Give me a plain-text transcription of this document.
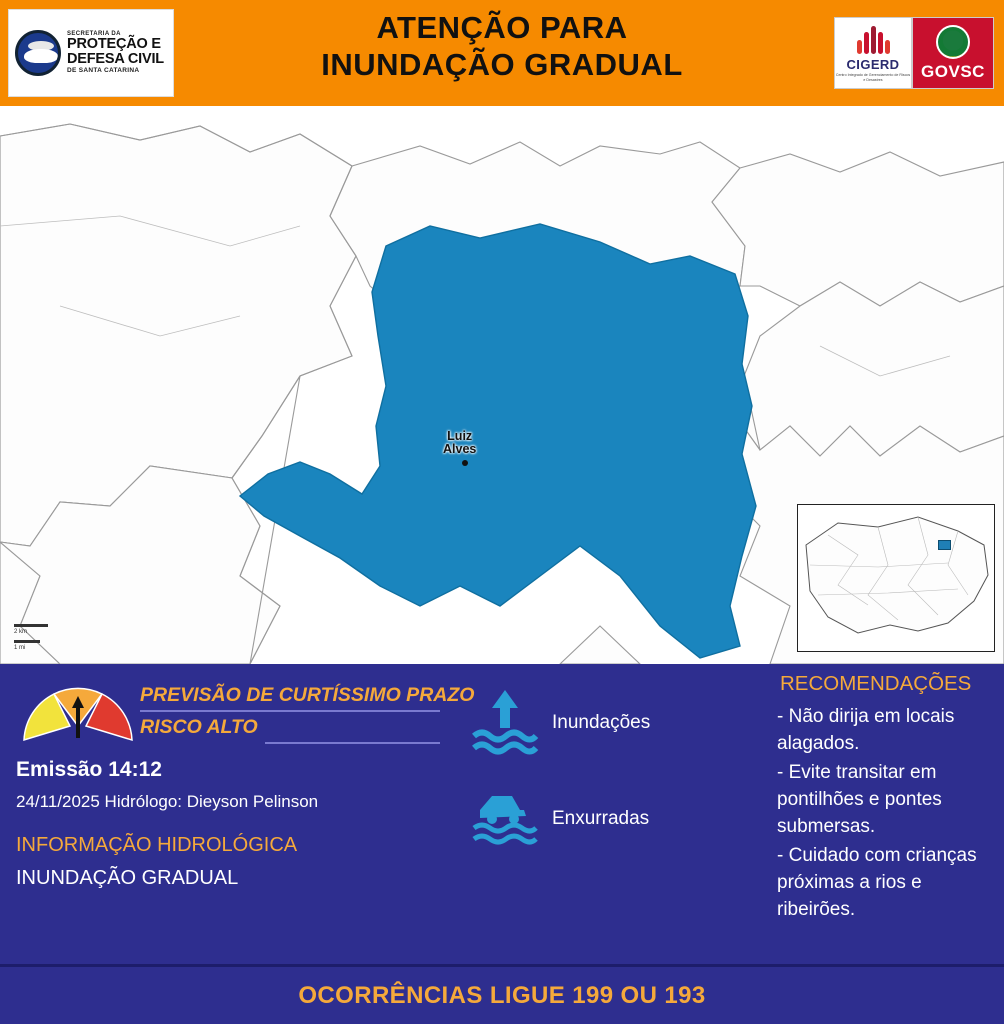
SECRETARIA DA
PROTEÇÃO E
DEFESA CIVIL
DE SANTA CATARINA
ATENÇÃO PARA
INUNDAÇÃO GRADUAL	CIGERD
Centro Integrado de Gerenciamento de Riscos e Desastres	GOVSC
Luiz
Alves
2 km
1 mi
PREVISÃO DE CURTÍSSIMO PRAZO
RISCO ALTO
Emissão 14:12
24/11/2025 Hidrólogo: Dieyson Pelinson
INFORMAÇÃO HIDROLÓGICA
INUNDAÇÃO GRADUAL
Inundações
Enxurradas
RECOMENDAÇÕES
- Não dirija em locais alagados.
- Evite transitar em pontilhões e pontes submersas.
- Cuidado com crianças próximas a rios e ribeirões.
OCORRÊNCIAS LIGUE 199 OU 193
